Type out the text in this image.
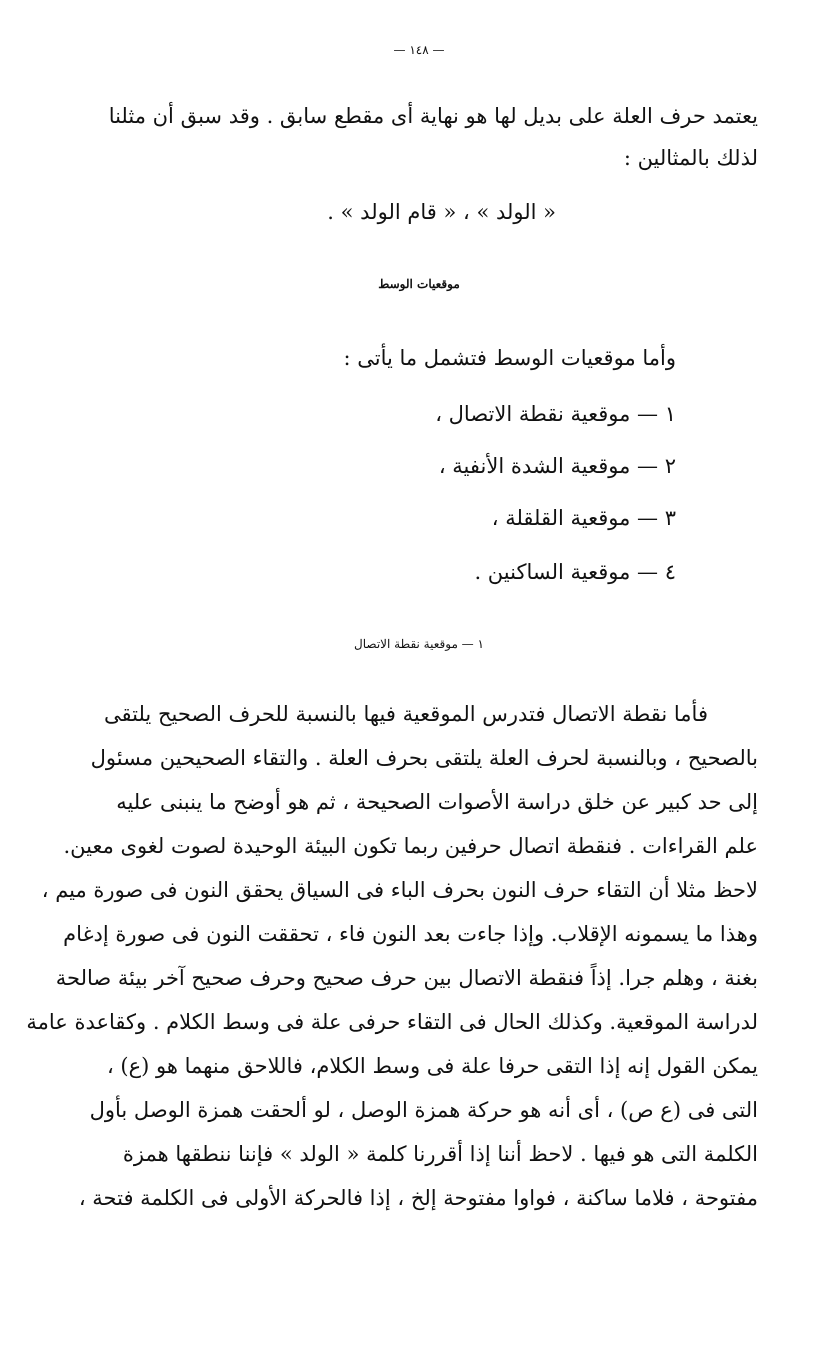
— ١٤٨ —
يعتمد حرف العلة على بديل لها هو نهاية أى مقطع سابق . وقد سبق أن مثلنا
لذلك بالمثالين :
« الولد » ، « قام الولد » .
موقعيات الوسط
وأما موقعيات الوسط فتشمل ما يأتى :
١ — موقعية نقطة الاتصال ،
٢ — موقعية الشدة الأنفية ،
٣ — موقعية القلقلة ،
٤ — موقعية الساكنين .
١ — موقعية نقطة الاتصال
فأما نقطة الاتصال فتدرس الموقعية فيها بالنسبة للحرف الصحيح يلتقى
بالصحيح ، وبالنسبة لحرف العلة يلتقى بحرف العلة . والتقاء الصحيحين مسئول
إلى حد كبير عن خلق دراسة الأصوات الصحيحة ، ثم هو أوضح ما ينبنى عليه
علم القراءات . فنقطة اتصال حرفين ربما تكون البيئة الوحيدة لصوت لغوى معين.
لاحظ مثلا أن التقاء حرف النون بحرف الباء فى السياق يحقق النون فى صورة ميم ،
وهذا ما يسمونه الإقلاب. وإذا جاءت بعد النون فاء ، تحققت النون فى صورة إدغام
بغنة ، وهلم جرا. إذاً فنقطة الاتصال بين حرف صحيح وحرف صحيح آخر بيئة صالحة
لدراسة الموقعية. وكذلك الحال فى التقاء حرفى علة فى وسط الكلام . وكقاعدة عامة
يمكن القول إنه إذا التقى حرفا علة فى وسط الكلام، فاللاحق منهما هو (ع) ،
التى فى (ع ص) ، أى أنه هو حركة همزة الوصل ، لو ألحقت همزة الوصل بأول
الكلمة التى هو فيها . لاحظ أننا إذا أقررنا كلمة « الولد » فإننا ننطقها همزة
مفتوحة ، فلاما ساكنة ، فواوا مفتوحة إلخ ، إذا فالحركة الأولى فى الكلمة فتحة ،
